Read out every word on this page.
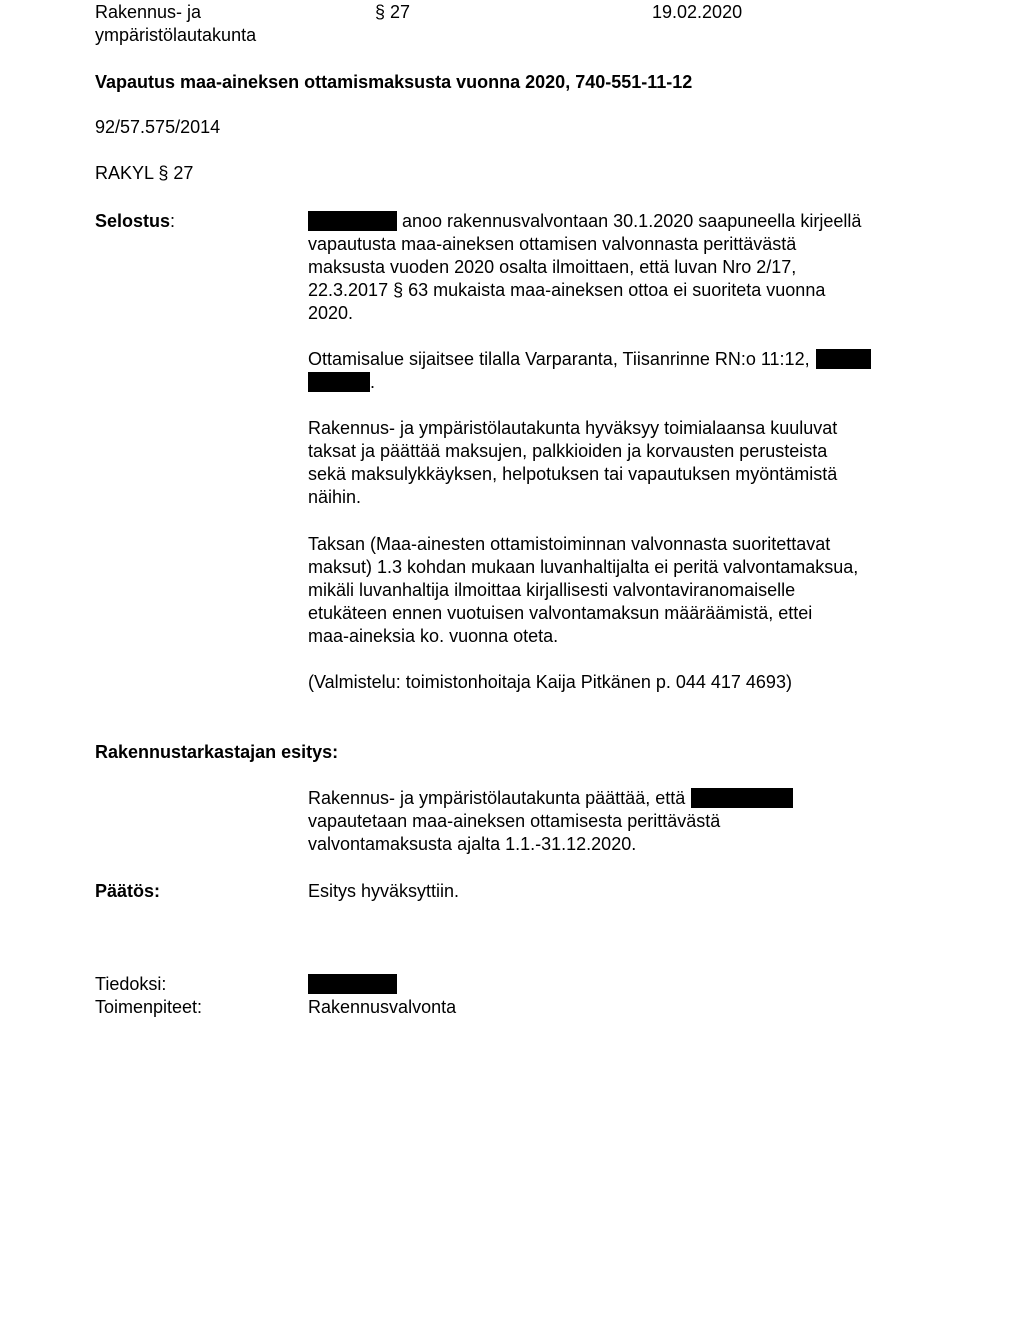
Rakennus- ja
ympäristölautakunta
§ 27	19.02.2020
Vapautus maa-aineksen ottamismaksusta vuonna 2020, 740-551-11-12
92/57.575/2014
RAKYL § 27
Selostus:	anoo rakennusvalvontaan 30.1.2020 saapuneella kirjeellä
vapautusta maa-aineksen ottamisen valvonnasta perittävästä
maksusta vuoden 2020 osalta ilmoittaen, että luvan Nro 2/17,
22.3.2017 § 63 mukaista maa-aineksen ottoa ei suoriteta vuonna
2020.
Ottamisalue sijaitsee tilalla Varparanta, Tiisanrinne RN:o 11:12,
.
Rakennus- ja ympäristölautakunta hyväksyy toimialaansa kuuluvat
taksat ja päättää maksujen, palkkioiden ja korvausten perusteista
sekä maksulykkäyksen, helpotuksen tai vapautuksen myöntämistä
näihin.
Taksan (Maa-ainesten ottamistoiminnan valvonnasta suoritettavat
maksut) 1.3 kohdan mukaan luvanhaltijalta ei peritä valvontamaksua,
mikäli luvanhaltija ilmoittaa kirjallisesti valvontaviranomaiselle
etukäteen ennen vuotuisen valvontamaksun määräämistä, ettei
maa-aineksia ko. vuonna oteta.
(Valmistelu: toimistonhoitaja Kaija Pitkänen p. 044 417 4693)
Rakennustarkastajan esitys:
Rakennus- ja ympäristölautakunta päättää, että
vapautetaan maa-aineksen ottamisesta perittävästä
valvontamaksusta ajalta 1.1.-31.12.2020.
Päätös:	Esitys hyväksyttiin.
Tiedoksi:
Toimenpiteet:	Rakennusvalvonta
